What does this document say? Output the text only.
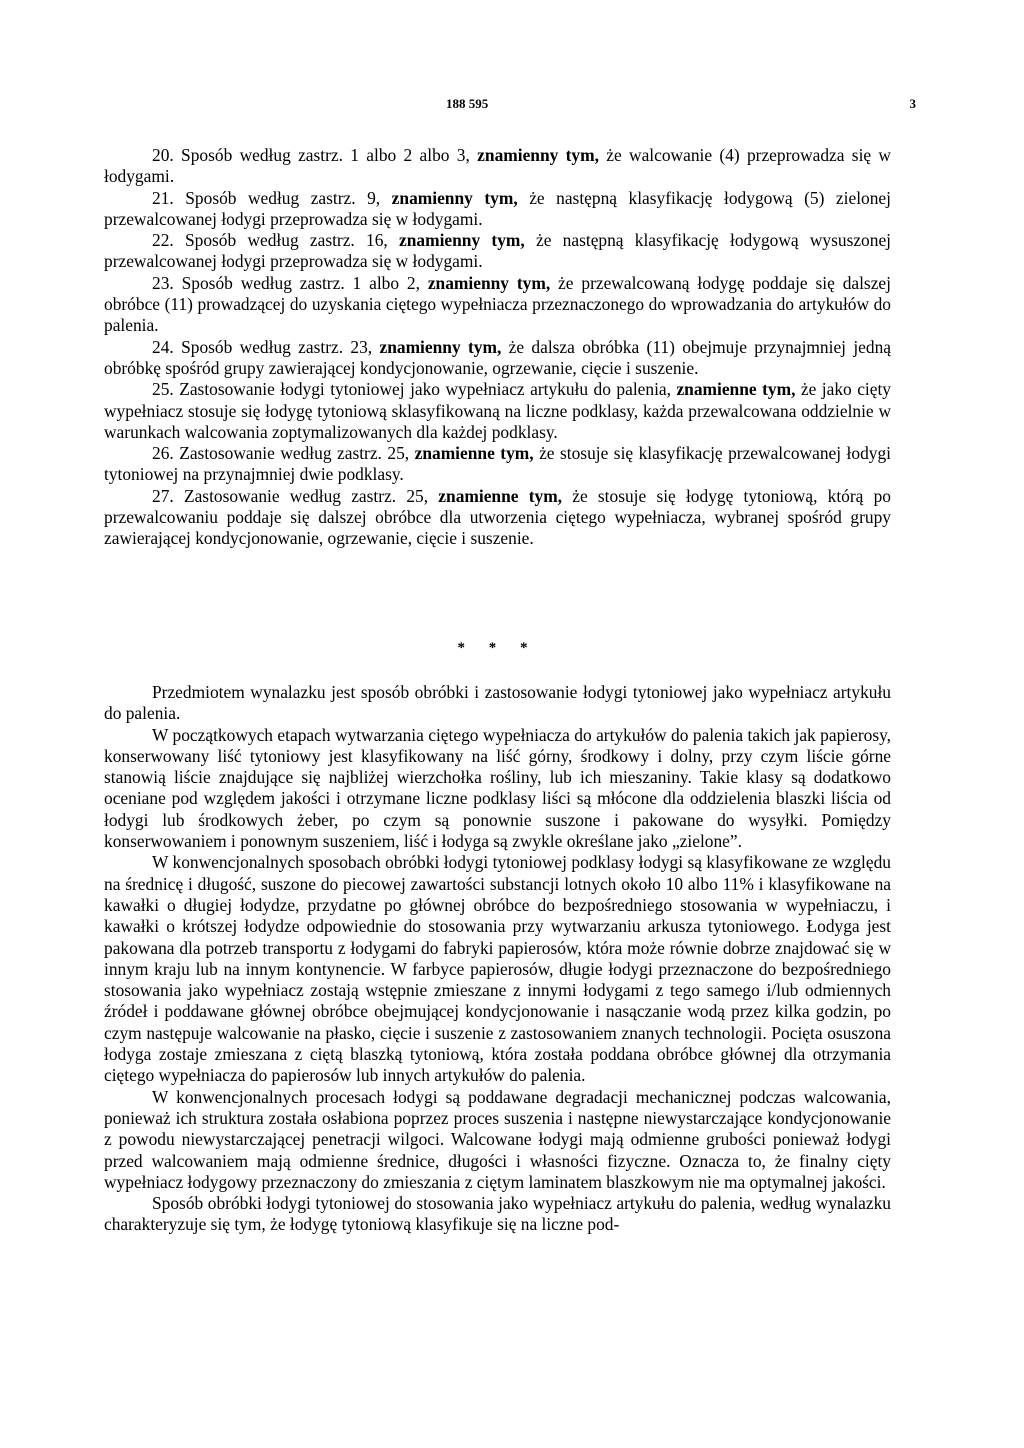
188 595	3

20. Sposób według zastrz. 1 albo 2 albo 3, znamienny tym, że walcowanie (4) przeprowadza się w łodygami.

21. Sposób według zastrz. 9, znamienny tym, że następną klasyfikację łodygową (5) zielonej przewalcowanej łodygi przeprowadza się w łodygami.

22. Sposób według zastrz. 16, znamienny tym, że następną klasyfikację łodygową wysuszonej przewalcowanej łodygi przeprowadza się w łodygami.

23. Sposób według zastrz. 1 albo 2, znamienny tym, że przewalcowaną łodygę poddaje się dalszej obróbce (11) prowadzącej do uzyskania ciętego wypełniacza przeznaczonego do wprowadzania do artykułów do palenia.

24. Sposób według zastrz. 23, znamienny tym, że dalsza obróbka (11) obejmuje przynajmniej jedną obróbkę spośród grupy zawierającej kondycjonowanie, ogrzewanie, cięcie i suszenie.

25. Zastosowanie łodygi tytoniowej jako wypełniacz artykułu do palenia, znamienne tym, że jako cięty wypełniacz stosuje się łodygę tytoniową sklasyfikowaną na liczne podklasy, każda przewalcowana oddzielnie w warunkach walcowania zoptymalizowanych dla każdej podklasy.

26. Zastosowanie według zastrz. 25, znamienne tym, że stosuje się klasyfikację przewalcowanej łodygi tytoniowej na przynajmniej dwie podklasy.

27. Zastosowanie według zastrz. 25, znamienne tym, że stosuje się łodygę tytoniową, którą po przewalcowaniu poddaje się dalszej obróbce dla utworzenia ciętego wypełniacza, wybranej spośród grupy zawierającej kondycjonowanie, ogrzewanie, cięcie i suszenie.

* * *

Przedmiotem wynalazku jest sposób obróbki i zastosowanie łodygi tytoniowej jako wypełniacz artykułu do palenia.

W początkowych etapach wytwarzania ciętego wypełniacza do artykułów do palenia takich jak papierosy, konserwowany liść tytoniowy jest klasyfikowany na liść górny, środkowy i dolny, przy czym liście górne stanowią liście znajdujące się najbliżej wierzchołka rośliny, lub ich mieszaniny. Takie klasy są dodatkowo oceniane pod względem jakości i otrzymane liczne podklasy liści są młócone dla oddzielenia blaszki liścia od łodygi lub środkowych żeber, po czym są ponownie suszone i pakowane do wysyłki. Pomiędzy konserwowaniem i ponownym suszeniem, liść i łodyga są zwykle określane jako „zielone”.

W konwencjonalnych sposobach obróbki łodygi tytoniowej podklasy łodygi są klasyfikowane ze względu na średnicę i długość, suszone do piecowej zawartości substancji lotnych około 10 albo 11% i klasyfikowane na kawałki o długiej łodydze, przydatne po głównej obróbce do bezpośredniego stosowania w wypełniaczu, i kawałki o krótszej łodydze odpowiednie do stosowania przy wytwarzaniu arkusza tytoniowego. Łodyga jest pakowana dla potrzeb transportu z łodygami do fabryki papierosów, która może równie dobrze znajdować się w innym kraju lub na innym kontynencie. W farbyce papierosów, długie łodygi przeznaczone do bezpośredniego stosowania jako wypełniacz zostają wstępnie zmieszane z innymi łodygami z tego samego i/lub odmiennych źródeł i poddawane głównej obróbce obejmującej kondycjonowanie i nasączanie wodą przez kilka godzin, po czym następuje walcowanie na płasko, cięcie i suszenie z zastosowaniem znanych technologii. Pocięta osuszona łodyga zostaje zmieszana z ciętą blaszką tytoniową, która została poddana obróbce głównej dla otrzymania ciętego wypełniacza do papierosów lub innych artykułów do palenia.

W konwencjonalnych procesach łodygi są poddawane degradacji mechanicznej podczas walcowania, ponieważ ich struktura została osłabiona poprzez proces suszenia i następne niewystarczające kondycjonowanie z powodu niewystarczającej penetracji wilgoci. Walcowane łodygi mają odmienne grubości ponieważ łodygi przed walcowaniem mają odmienne średnice, długości i własności fizyczne. Oznacza to, że finalny cięty wypełniacz łodygowy przeznaczony do zmieszania z ciętym laminatem blaszkowym nie ma optymalnej jakości.

Sposób obróbki łodygi tytoniowej do stosowania jako wypełniacz artykułu do palenia, według wynalazku charakteryzuje się tym, że łodygę tytoniową klasyfikuje się na liczne pod-
